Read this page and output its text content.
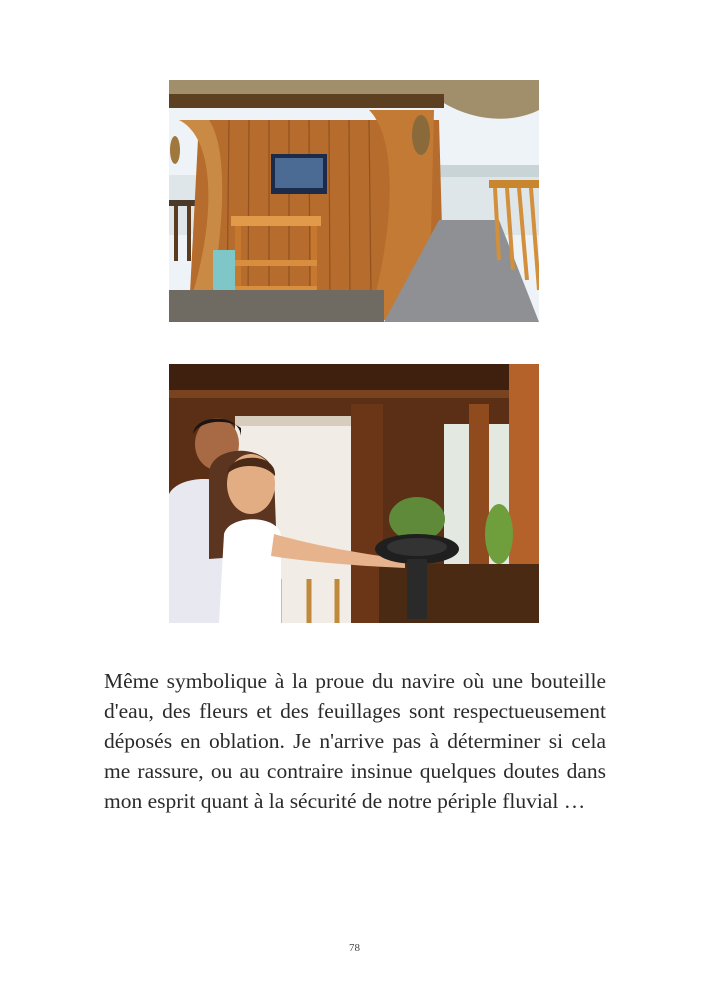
Même symbolique à la proue du navire où une bouteille d'eau, des fleurs et des feuillages sont respectueusement déposés en oblation. Je n'arrive pas à déterminer si cela me rassure, ou au contraire insinue quelques doutes dans mon esprit quant à la sécurité de notre périple fluvial …

78
